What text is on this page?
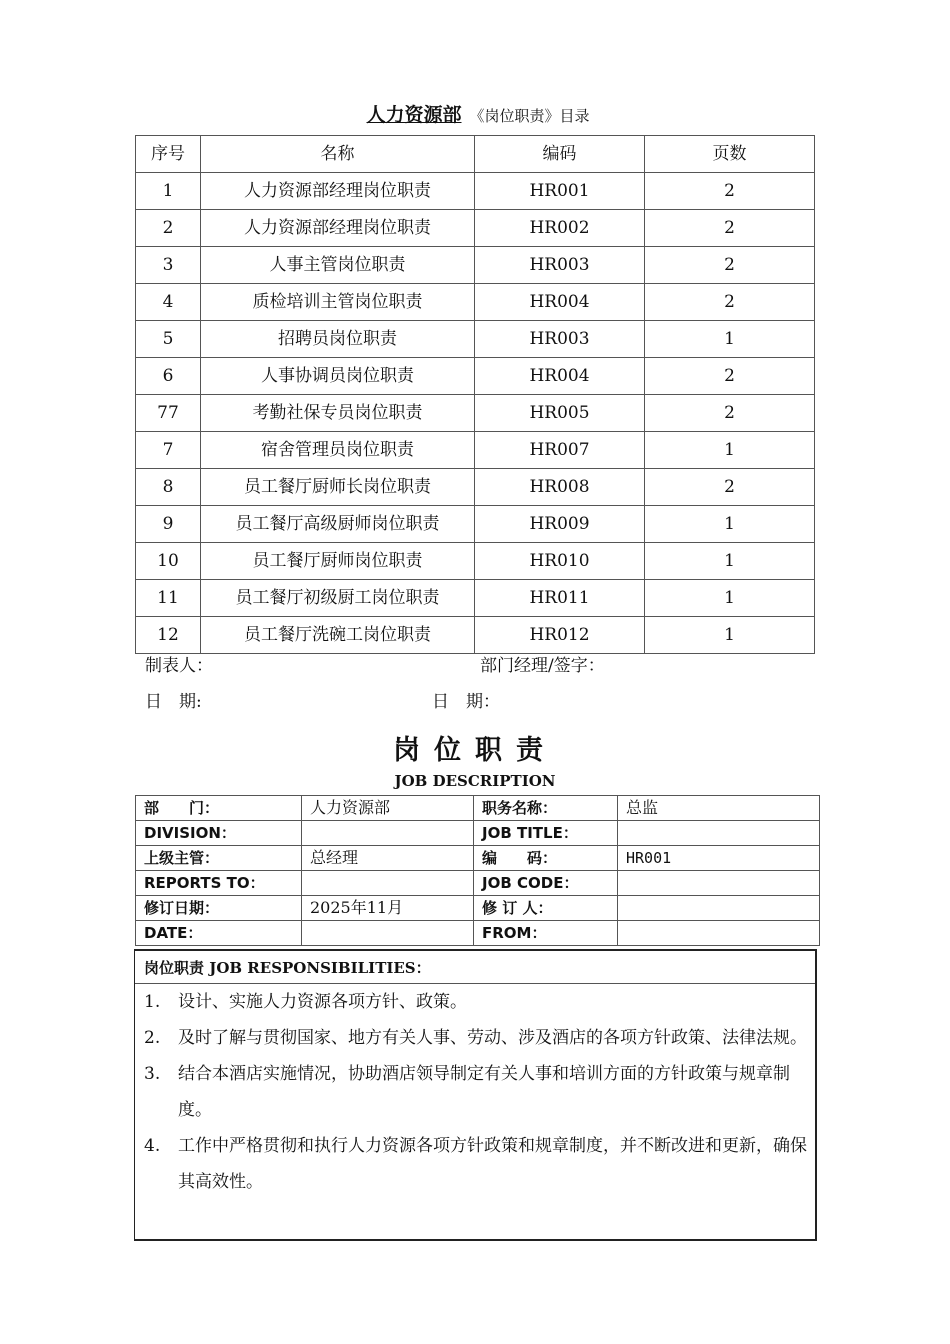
人力资源部 《岗位职责》目录
序号	名称	编码	页数
1	人力资源部经理岗位职责	HR001	2
2	人力资源部经理岗位职责	HR002	2
3	人事主管岗位职责	HR003	2
4	质检培训主管岗位职责	HR004	2
5	招聘员岗位职责	HR003	1
6	人事协调员岗位职责	HR004	2
77	考勤社保专员岗位职责	HR005	2
7	宿舍管理员岗位职责	HR007	1
8	员工餐厅厨师长岗位职责	HR008	2
9	员工餐厅高级厨师岗位职责	HR009	1
10	员工餐厅厨师岗位职责	HR010	1
11	员工餐厅初级厨工岗位职责	HR011	1
12	员工餐厅洗碗工岗位职责	HR012	1
制表人：	部门经理/签字：
日　期:	日　期：
岗位职责
JOB DESCRIPTION
部　　门：	人力资源部	职务名称：	总监
DIVISION：		JOB TITLE：	
上级主管：	总经理	编　　码：	HR001
REPORTS TO：		JOB CODE：	
修订日期：	2025年11月	修 订 人：	
DATE：		FROM：	
岗位职责 JOB RESPONSIBILITIES：
1. 设计、实施人力资源各项方针、政策。
2. 及时了解与贯彻国家、地方有关人事、劳动、涉及酒店的各项方针政策、法律法规。
3. 结合本酒店实施情况，协助酒店领导制定有关人事和培训方面的方针政策与规章制度。
4. 工作中严格贯彻和执行人力资源各项方针政策和规章制度，并不断改进和更新，确保其高效性。
